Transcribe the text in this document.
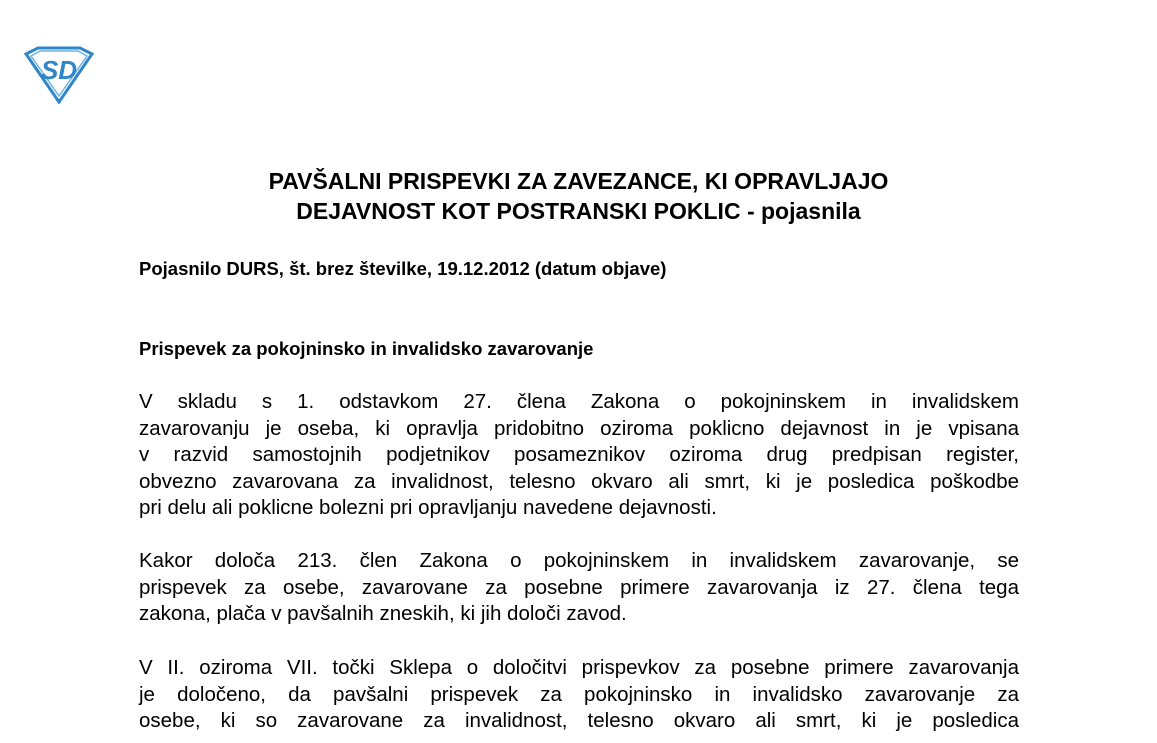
SD
PAVŠALNI PRISPEVKI ZA ZAVEZANCE, KI OPRAVLJAJO
DEJAVNOST KOT POSTRANSKI POKLIC - pojasnila
Pojasnilo DURS, št. brez številke, 19.12.2012 (datum objave)
Prispevek za pokojninsko in invalidsko zavarovanje
V skladu s 1. odstavkom 27. člena Zakona o pokojninskem in invalidskem
zavarovanju je oseba, ki opravlja pridobitno oziroma poklicno dejavnost in je vpisana
v razvid samostojnih podjetnikov posameznikov oziroma drug predpisan register,
obvezno zavarovana za invalidnost, telesno okvaro ali smrt, ki je posledica poškodbe
pri delu ali poklicne bolezni pri opravljanju navedene dejavnosti.
Kakor določa 213. člen Zakona o pokojninskem in invalidskem zavarovanje, se
prispevek za osebe, zavarovane za posebne primere zavarovanja iz 27. člena tega
zakona, plača v pavšalnih zneskih, ki jih določi zavod.
V II. oziroma VII. točki Sklepa o določitvi prispevkov za posebne primere zavarovanja
je določeno, da pavšalni prispevek za pokojninsko in invalidsko zavarovanje za
osebe, ki so zavarovane za invalidnost, telesno okvaro ali smrt, ki je posledica
